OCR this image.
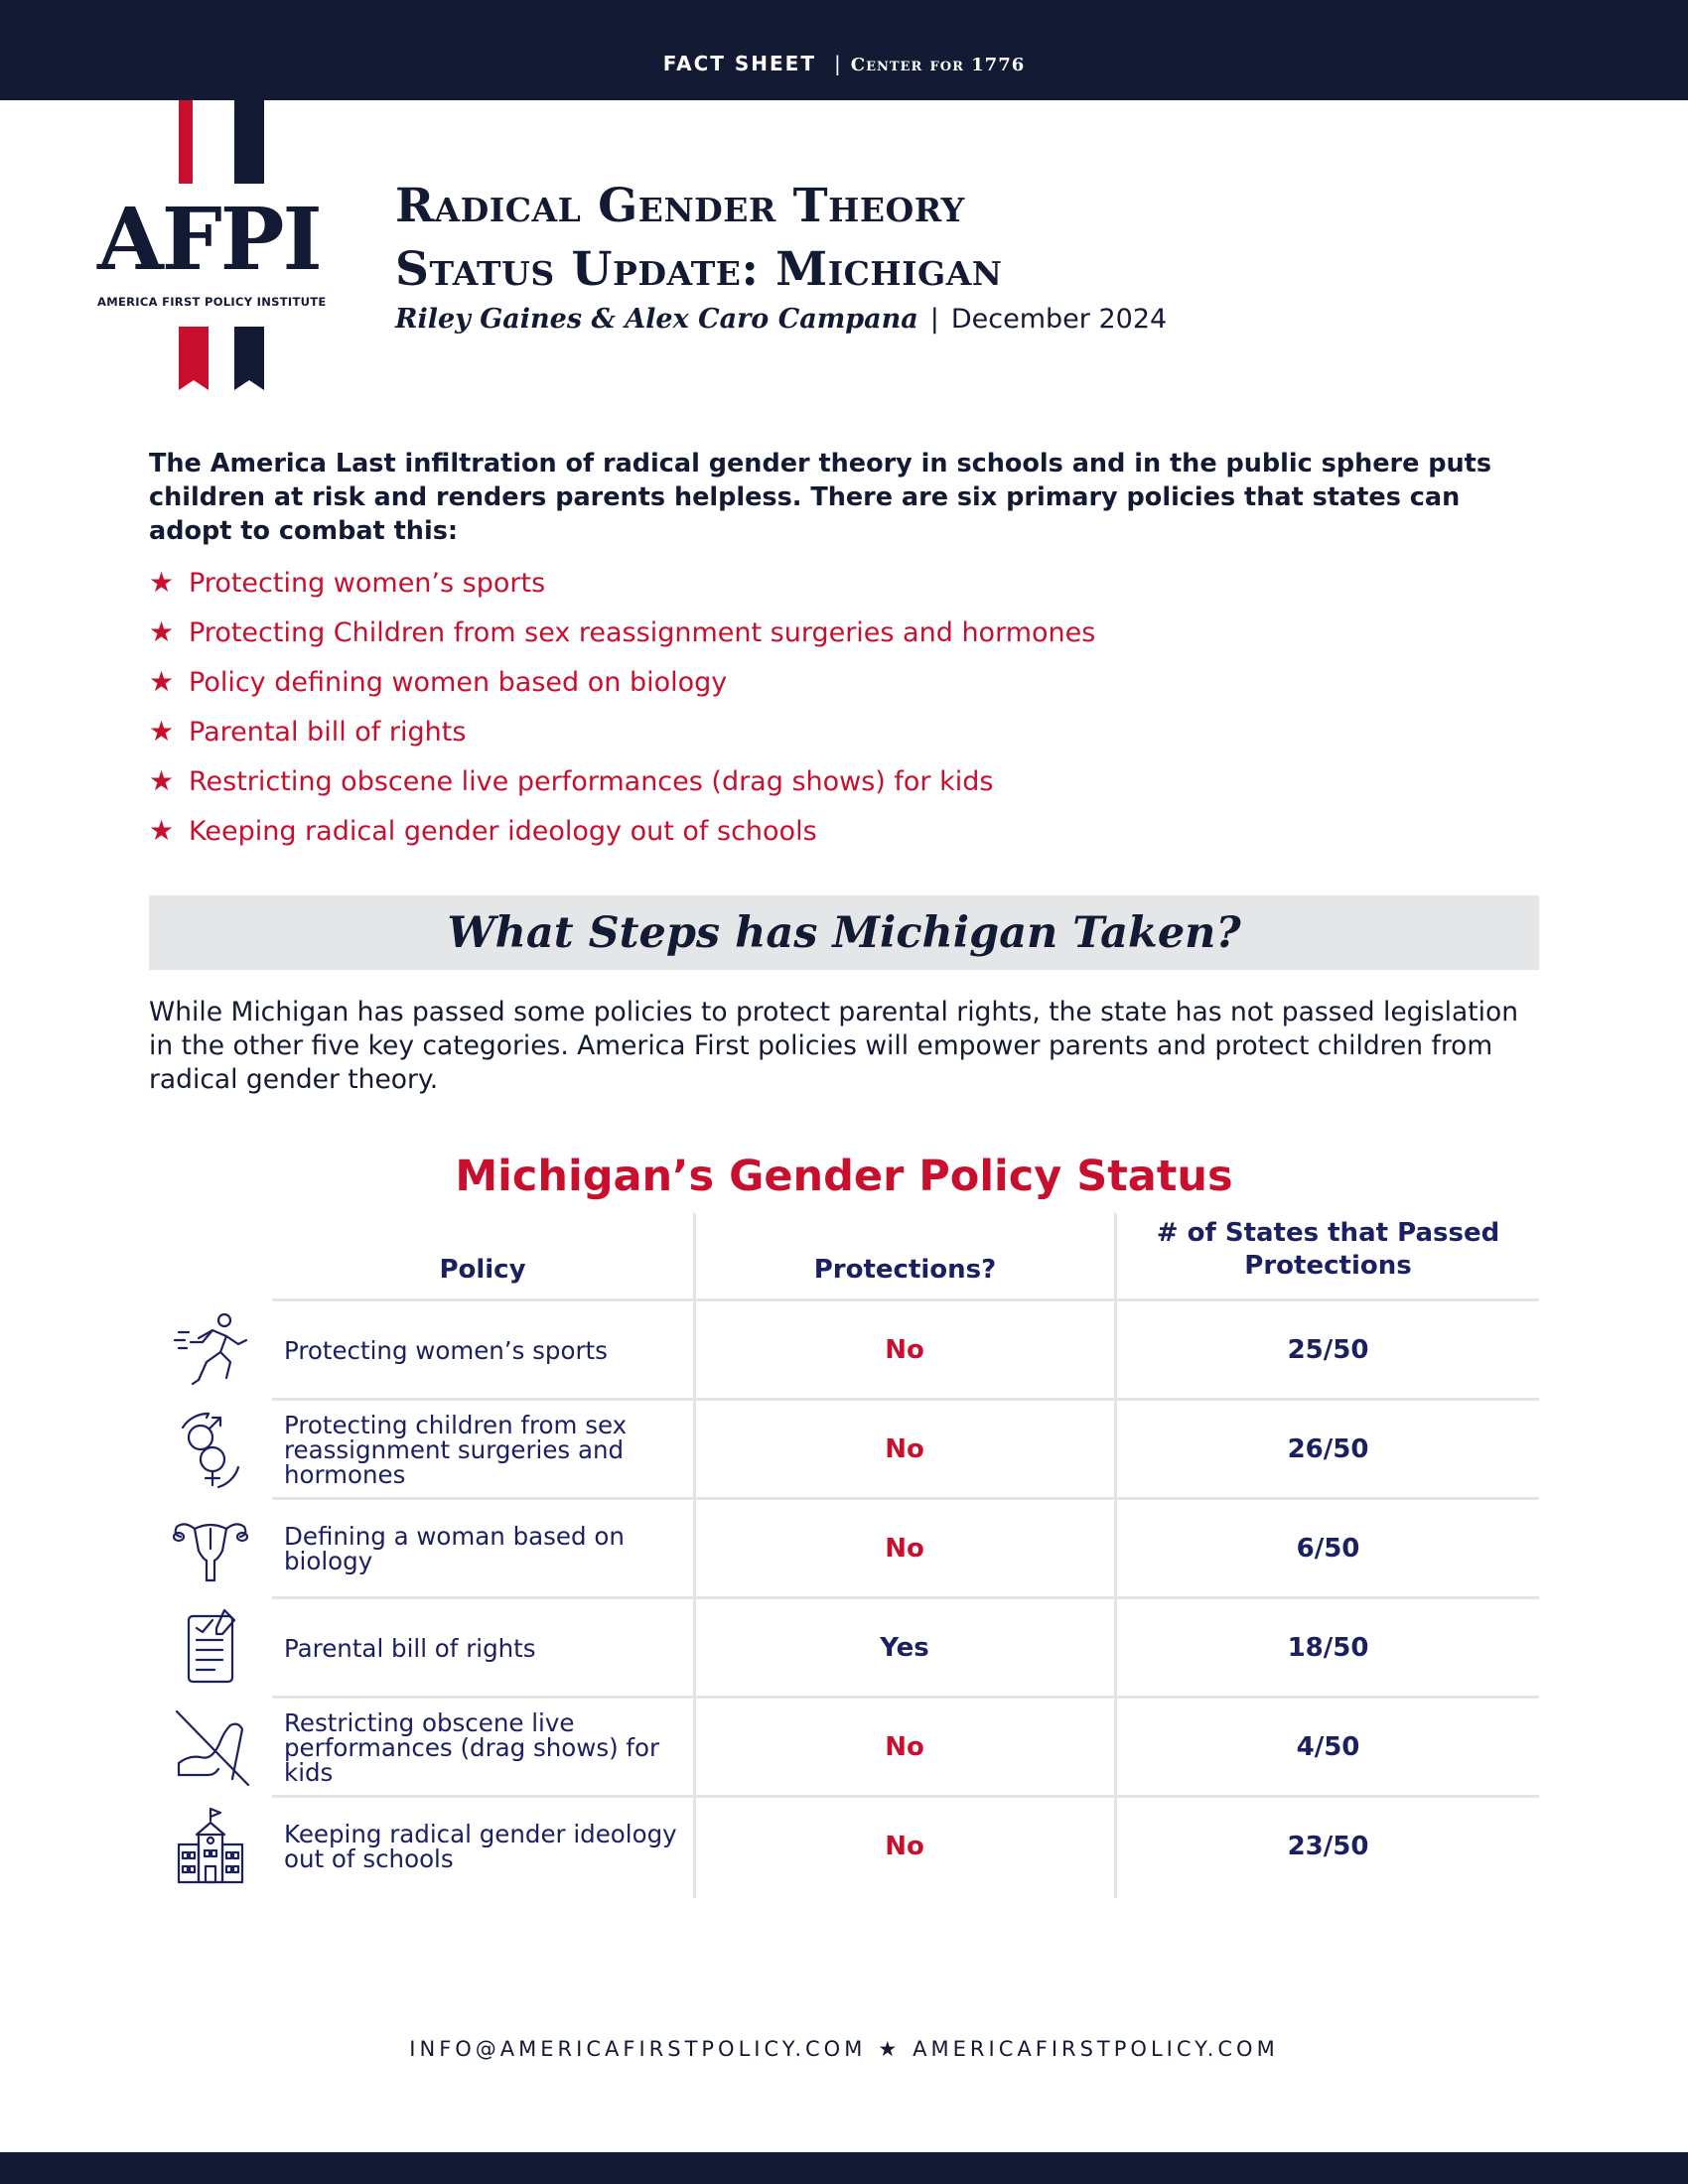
FACT SHEET | Center for 1776
AFPI
AMERICA FIRST POLICY INSTITUTE
Radical Gender Theory
Status Update: Michigan
Riley Gaines & Alex Caro Campana | December 2024

The America Last infiltration of radical gender theory in schools and in the public sphere puts children at risk and renders parents helpless. There are six primary policies that states can adopt to combat this:

★ Protecting women’s sports
★ Protecting Children from sex reassignment surgeries and hormones
★ Policy defining women based on biology
★ Parental bill of rights
★ Restricting obscene live performances (drag shows) for kids
★ Keeping radical gender ideology out of schools
What Steps has Michigan Taken?

While Michigan has passed some policies to protect parental rights, the state has not passed legislation in the other five key categories. America First policies will empower parents and protect children from radical gender theory.

Michigan’s Gender Policy Status
Policy	Protections?
# of States that Passed
Protections
Protecting women’s sports	No	25/50
Protecting children from sex reassignment surgeries and hormones
No	26/50
Defining a woman based on biology	No	6/50
Parental bill of rights	Yes	18/50
Restricting obscene live performances (drag shows) for kids
No	4/50
Keeping radical gender ideology out of schools	No	23/50
INFO@AMERICAFIRSTPOLICY.COM ★ AMERICAFIRSTPOLICY.COM
